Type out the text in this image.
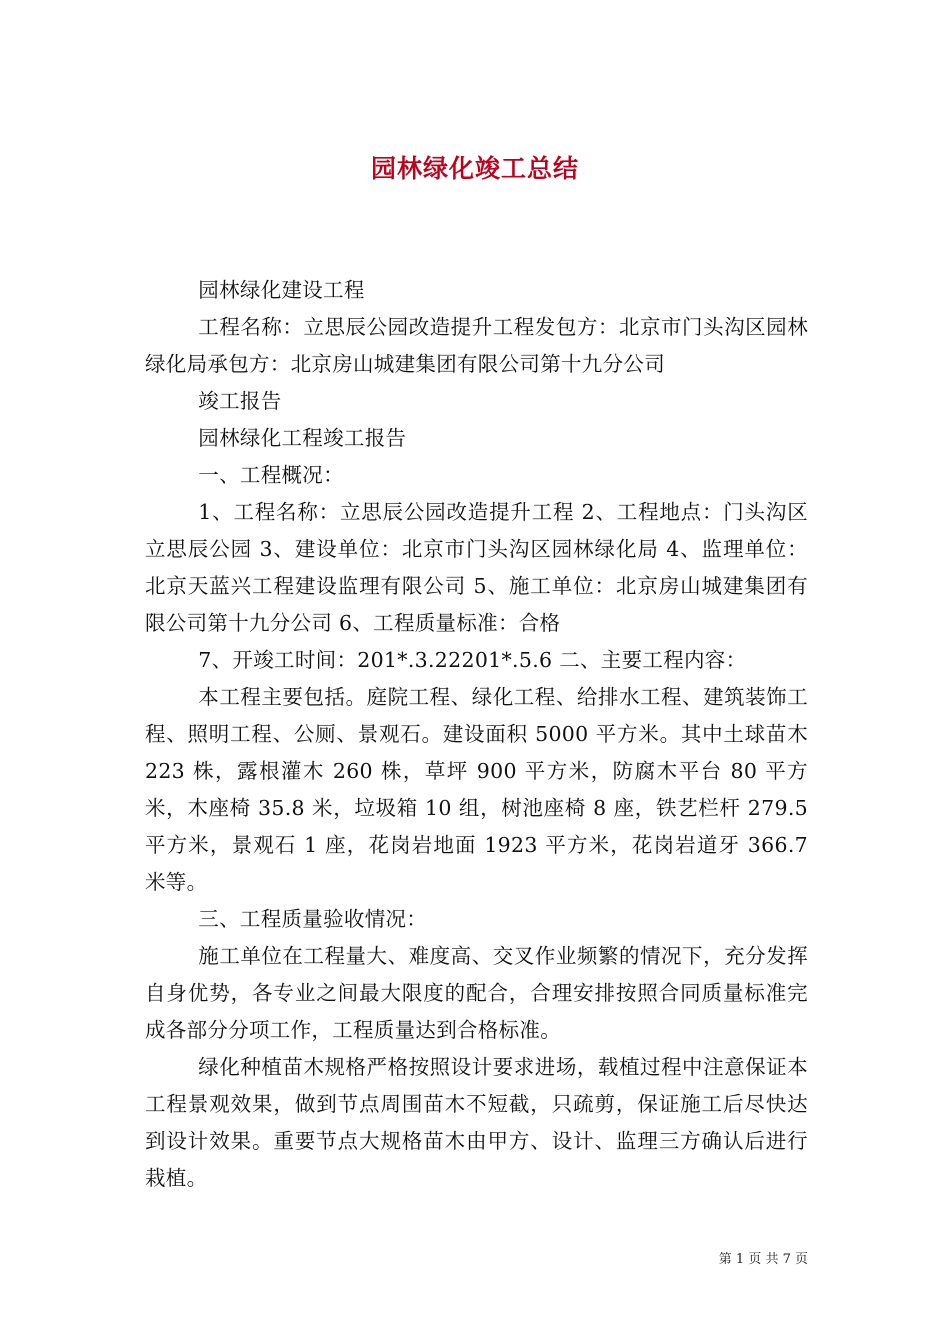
园林绿化竣工总结

园林绿化建设工程

工程名称：立思辰公园改造提升工程发包方：北京市门头沟区园林绿化局承包方：北京房山城建集团有限公司第十九分公司

竣工报告

园林绿化工程竣工报告

一、工程概况：

1、工程名称：立思辰公园改造提升工程 2、工程地点：门头沟区立思辰公园 3、建设单位：北京市门头沟区园林绿化局 4、监理单位：北京天蓝兴工程建设监理有限公司 5、施工单位：北京房山城建集团有限公司第十九分公司 6、工程质量标准：合格

7、开竣工时间：201*.3.22201*.5.6 二、主要工程内容：

本工程主要包括。庭院工程、绿化工程、给排水工程、建筑装饰工程、照明工程、公厕、景观石。建设面积 5000 平方米。其中土球苗木 223 株，露根灌木 260 株，草坪 900 平方米，防腐木平台 80 平方米，木座椅 35.8 米，垃圾箱 10 组，树池座椅 8 座，铁艺栏杆 279.5 平方米，景观石 1 座，花岗岩地面 1923 平方米，花岗岩道牙 366.7 米等。

三、工程质量验收情况：

施工单位在工程量大、难度高、交叉作业频繁的情况下，充分发挥自身优势，各专业之间最大限度的配合，合理安排按照合同质量标准完成各部分分项工作，工程质量达到合格标准。

绿化种植苗木规格严格按照设计要求进场，载植过程中注意保证本工程景观效果，做到节点周围苗木不短截，只疏剪，保证施工后尽快达到设计效果。重要节点大规格苗木由甲方、设计、监理三方确认后进行栽植。

第 1 页 共 7 页
